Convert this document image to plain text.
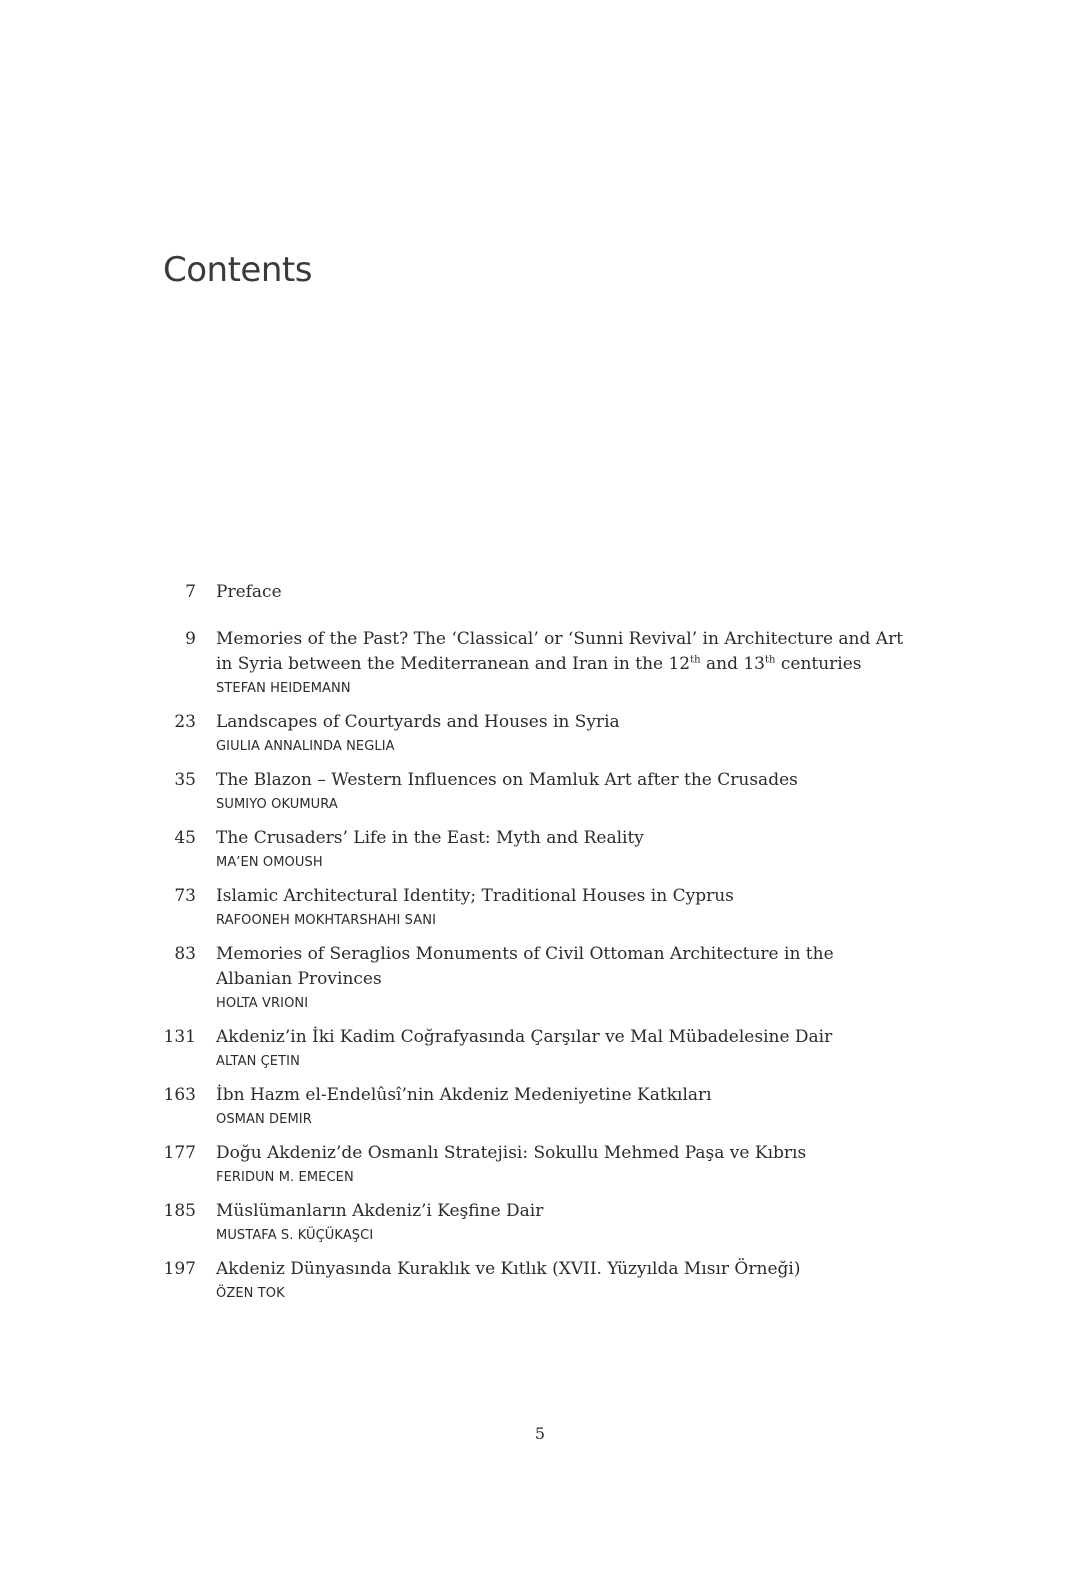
Contents
7 Preface
9 Memories of the Past? The ‘Classical’ or ‘Sunni Revival’ in Architecture and Art in Syria between the Mediterranean and Iran in the 12th and 13th centuries
STEFAN HEIDEMANN
23 Landscapes of Courtyards and Houses in Syria
GIULIA ANNALINDA NEGLIA
35 The Blazon – Western Influences on Mamluk Art after the Crusades
SUMIYO OKUMURA
45 The Crusaders’ Life in the East: Myth and Reality
MA’EN OMOUSH
73 Islamic Architectural Identity; Traditional Houses in Cyprus
RAFOONEH MOKHTARSHAHI SANI
83 Memories of Seraglios Monuments of Civil Ottoman Architecture in the Albanian Provinces
HOLTA VRIONI
131 Akdeniz’in İki Kadim Coğrafyasında Çarşılar ve Mal Mübadelesine Dair
ALTAN ÇETIN
163 İbn Hazm el-Endelûsî’nin Akdeniz Medeniyetine Katkıları
OSMAN DEMIR
177 Doğu Akdeniz’de Osmanlı Stratejisi: Sokullu Mehmed Paşa ve Kıbrıs
FERIDUN M. EMECEN
185 Müslümanların Akdeniz’i Keşfine Dair
MUSTAFA S. KÜÇÜKAŞCI
197 Akdeniz Dünyasında Kuraklık ve Kıtlık (XVII. Yüzyılda Mısır Örneği)
ÖZEN TOK
5
